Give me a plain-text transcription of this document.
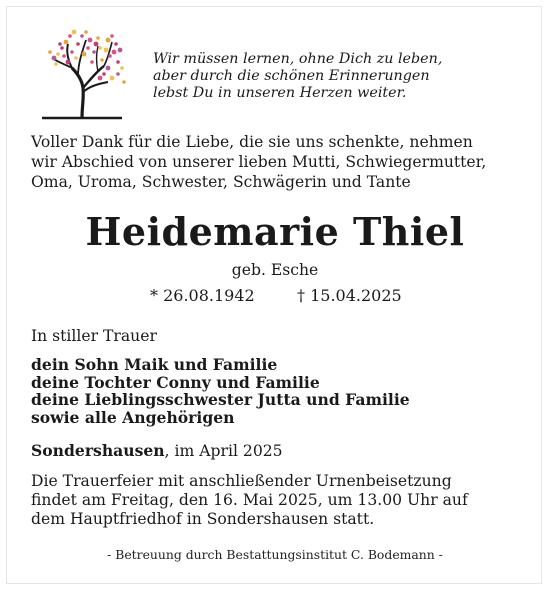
Wir müssen lernen, ohne Dich zu leben,
aber durch die schönen Erinnerungen
lebst Du in unseren Herzen weiter.
Voller Dank für die Liebe, die sie uns schenkte, nehmen
wir Abschied von unserer lieben Mutti, Schwiegermutter,
Oma, Uroma, Schwester, Schwägerin und Tante
Heidemarie Thiel
geb. Esche
* 26.08.1942	† 15.04.2025
In stiller Trauer
dein Sohn Maik und Familie
deine Tochter Conny und Familie
deine Lieblingsschwester Jutta und Familie
sowie alle Angehörigen
Sondershausen, im April 2025
Die Trauerfeier mit anschließender Urnenbeisetzung
findet am Freitag, den 16. Mai 2025, um 13.00 Uhr auf
dem Hauptfriedhof in Sondershausen statt.
- Betreuung durch Bestattungsinstitut C. Bodemann -
